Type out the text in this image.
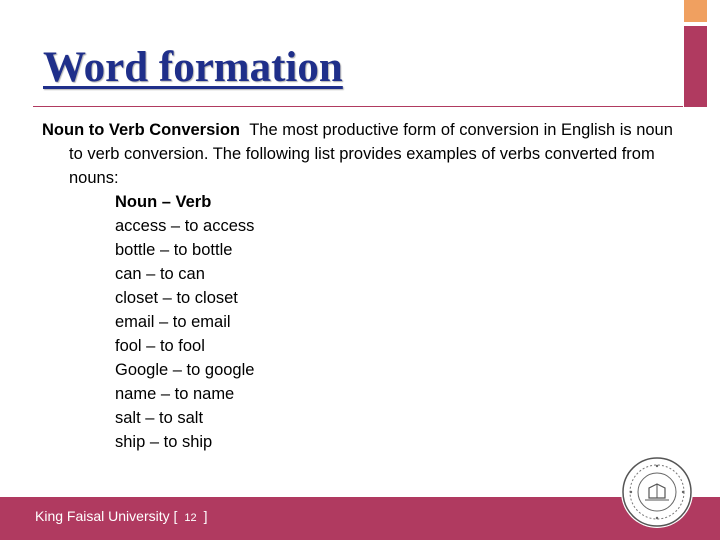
Word formation

Noun to Verb Conversion The most productive form of conversion in English is noun to verb conversion. The following list provides examples of verbs converted from nouns:

Noun – Verb
access – to access
bottle – to bottle
can – to can
closet – to closet
email – to email
fool – to fool
Google – to google
name – to name
salt – to salt
ship – to ship
King Faisal University [ 12 ]
